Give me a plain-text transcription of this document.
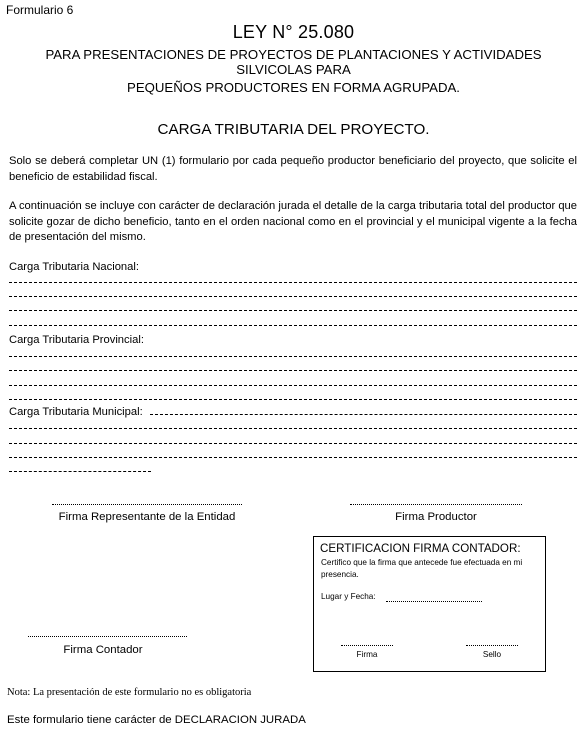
Formulario 6
LEY N° 25.080
PARA PRESENTACIONES DE PROYECTOS DE PLANTACIONES Y ACTIVIDADES
SILVICOLAS PARA
PEQUEÑOS PRODUCTORES EN FORMA AGRUPADA.
CARGA TRIBUTARIA DEL PROYECTO.
Solo se deberá completar UN (1) formulario por cada pequeño productor beneficiario del proyecto, que solicite el beneficio de estabilidad fiscal.
A continuación se incluye con carácter de declaración jurada el detalle de la carga tributaria total del productor que solicite gozar de dicho beneficio, tanto en el orden nacional como en el provincial y el municipal vigente a la fecha de presentación del mismo.
Carga Tributaria Nacional:
Carga Tributaria Provincial:
Carga Tributaria Municipal:
Firma Representante de la Entidad	Firma Productor
Firma Contador
CERTIFICACION FIRMA CONTADOR:
Certifico que la firma que antecede fue efectuada en mi presencia.
Lugar y Fecha:
Firma	Sello
Nota: La presentación de este formulario no es obligatoria
Este formulario tiene carácter de DECLARACION JURADA
